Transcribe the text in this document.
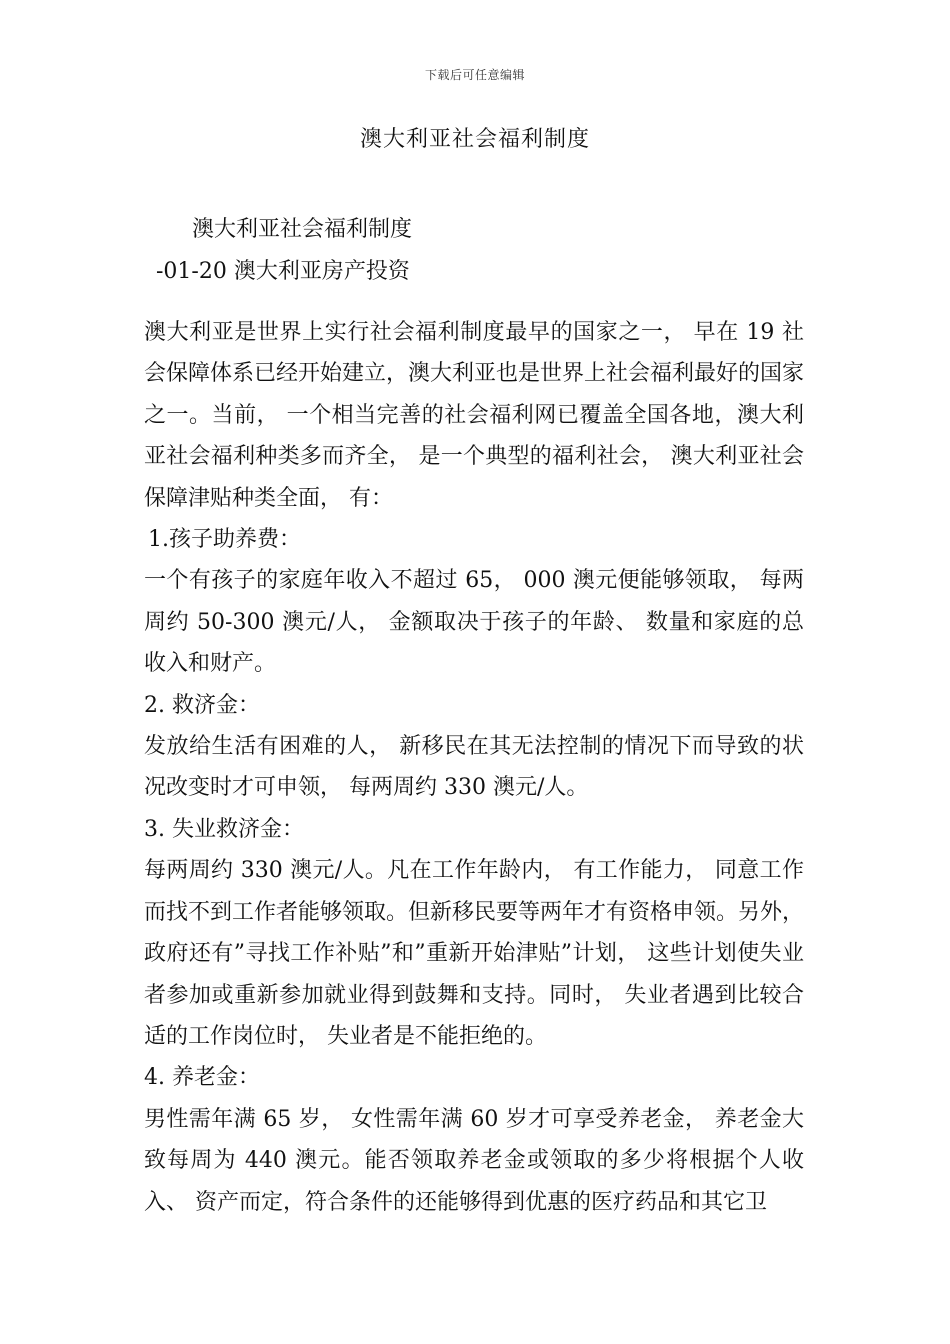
下载后可任意编辑
澳大利亚社会福利制度
澳大利亚社会福利制度
-01-20 澳大利亚房产投资

澳大利亚是世界上实行社会福利制度最早的国家之一， 早在 19 社会保障体系已经开始建立，澳大利亚也是世界上社会福利最好的国家之一。当前， 一个相当完善的社会福利网已覆盖全国各地，澳大利亚社会福利种类多而齐全， 是一个典型的福利社会， 澳大利亚社会保障津贴种类全面， 有：

1.孩子助养费：

一个有孩子的家庭年收入不超过 65， 000 澳元便能够领取， 每两周约 50-300 澳元/人， 金额取决于孩子的年龄、 数量和家庭的总收入和财产。

2. 救济金：

发放给生活有困难的人， 新移民在其无法控制的情况下而导致的状况改变时才可申领， 每两周约 330 澳元/人。

3. 失业救济金：

每两周约 330 澳元/人。凡在工作年龄内， 有工作能力， 同意工作而找不到工作者能够领取。但新移民要等两年才有资格申领。另外， 政府还有”寻找工作补贴”和”重新开始津贴”计划， 这些计划使失业者参加或重新参加就业得到鼓舞和支持。同时， 失业者遇到比较合适的工作岗位时， 失业者是不能拒绝的。

4. 养老金：

男性需年满 65 岁， 女性需年满 60 岁才可享受养老金， 养老金大致每周为 440 澳元。能否领取养老金或领取的多少将根据个人收入、 资产而定，符合条件的还能够得到优惠的医疗药品和其它卫
